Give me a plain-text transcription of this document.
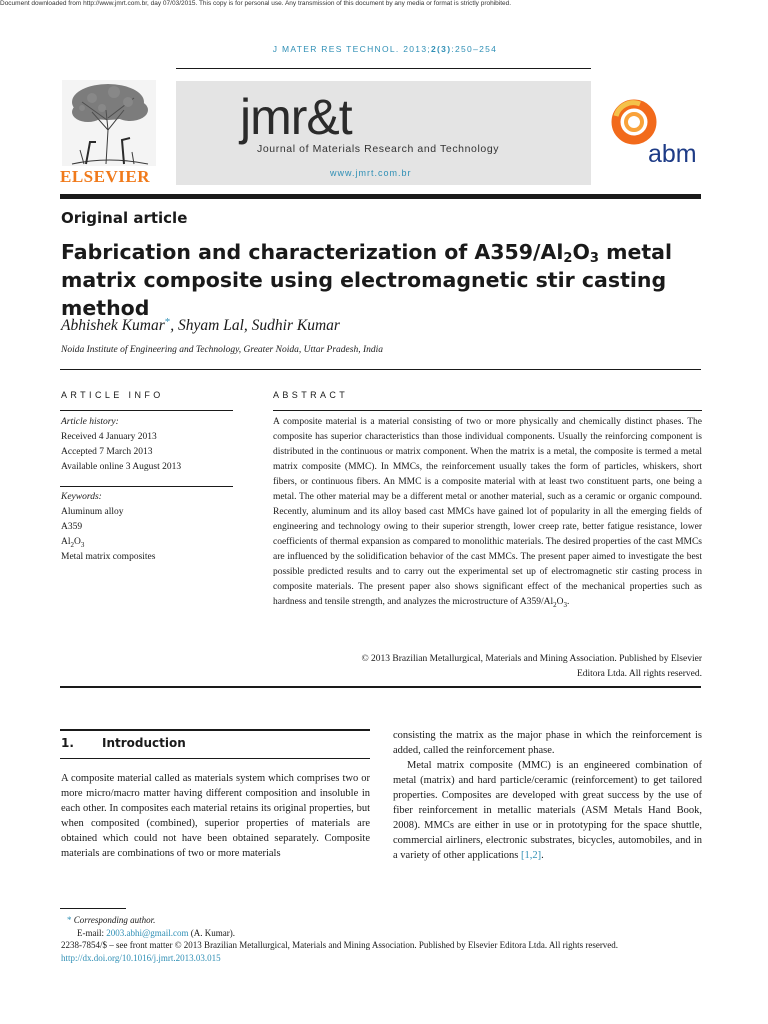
Document downloaded from http://www.jmrt.com.br, day 07/03/2015. This copy is for personal use. Any transmission of this document by any media or format is strictly prohibited.
J MATER RES TECHNOL. 2013;2(3):250–254
ELSEVIER
jmr&t
Journal of Materials Research and Technology
www.jmrt.com.br
abm
Original article
Fabrication and characterization of $A359/Al_2O_3$ metal matrix composite using electromagnetic stir casting method
Abhishek Kumar*, Shyam Lal, Sudhir Kumar
Noida Institute of Engineering and Technology, Greater Noida, Uttar Pradesh, India
ARTICLE INFO
Article history:
Received 4 January 2013
Accepted 7 March 2013
Available online 3 August 2013
Keywords:
Aluminum alloy
A359
$Al_2O_3$
Metal matrix composites
ABSTRACT
A composite material is a material consisting of two or more physically and chemically distinct phases. The composite has superior characteristics than those individual components. Usually the reinforcing component is distributed in the continuous or matrix component. When the matrix is a metal, the composite is termed a metal matrix composite (MMC). In MMCs, the reinforcement usually takes the form of particles, whiskers, short fibers, or continuous fibers. An MMC is a composite material with at least two constituent parts, one being a metal. The other material may be a different metal or another material, such as a ceramic or organic compound. Recently, aluminum and its alloy based cast MMCs have gained lot of popularity in all the emerging fields of engineering and technology owing to their superior strength, lower creep rate, better fatigue resistance, lower coefficients of thermal expansion as compared to monolithic materials. The desired properties of the cast MMCs are influenced by the solidification behavior of the cast MMCs. The present paper aimed to investigate the best possible predicted results and to carry out the experimental set up of electromagnetic stir casting process in composite materials. The present paper also shows significant effect of the mechanical properties such as hardness and tensile strength, and analyzes the microstructure of $A359/Al_2O_3$.
© 2013 Brazilian Metallurgical, Materials and Mining Association. Published by Elsevier
Editora Ltda. All rights reserved.
1. Introduction

A composite material called as materials system which comprises two or more micro/macro matter having different composition and insoluble in each other. In composites each material retains its original properties, but when composited (combined), superior properties of materials are obtained which could not have been obtained separately. Composite materials are combinations of two or more materials

consisting the matrix as the major phase in which the reinforcement is added, called the reinforcement phase.

Metal matrix composite (MMC) is an engineered combination of metal (matrix) and hard particle/ceramic (reinforcement) to get tailored properties. Composites are developed with great success by the use of fiber reinforcement in metallic materials (ASM Metals Hand Book, 2008). MMCs are either in use or in prototyping for the space shuttle, commercial airliners, electronic substrates, bicycles, automobiles, and in a variety of other applications [1,2].

* Corresponding author.
E-mail: 2003.abhi@gmail.com (A. Kumar).
2238-7854/$ – see front matter © 2013 Brazilian Metallurgical, Materials and Mining Association. Published by Elsevier Editora Ltda. All rights reserved.
http://dx.doi.org/10.1016/j.jmrt.2013.03.015
